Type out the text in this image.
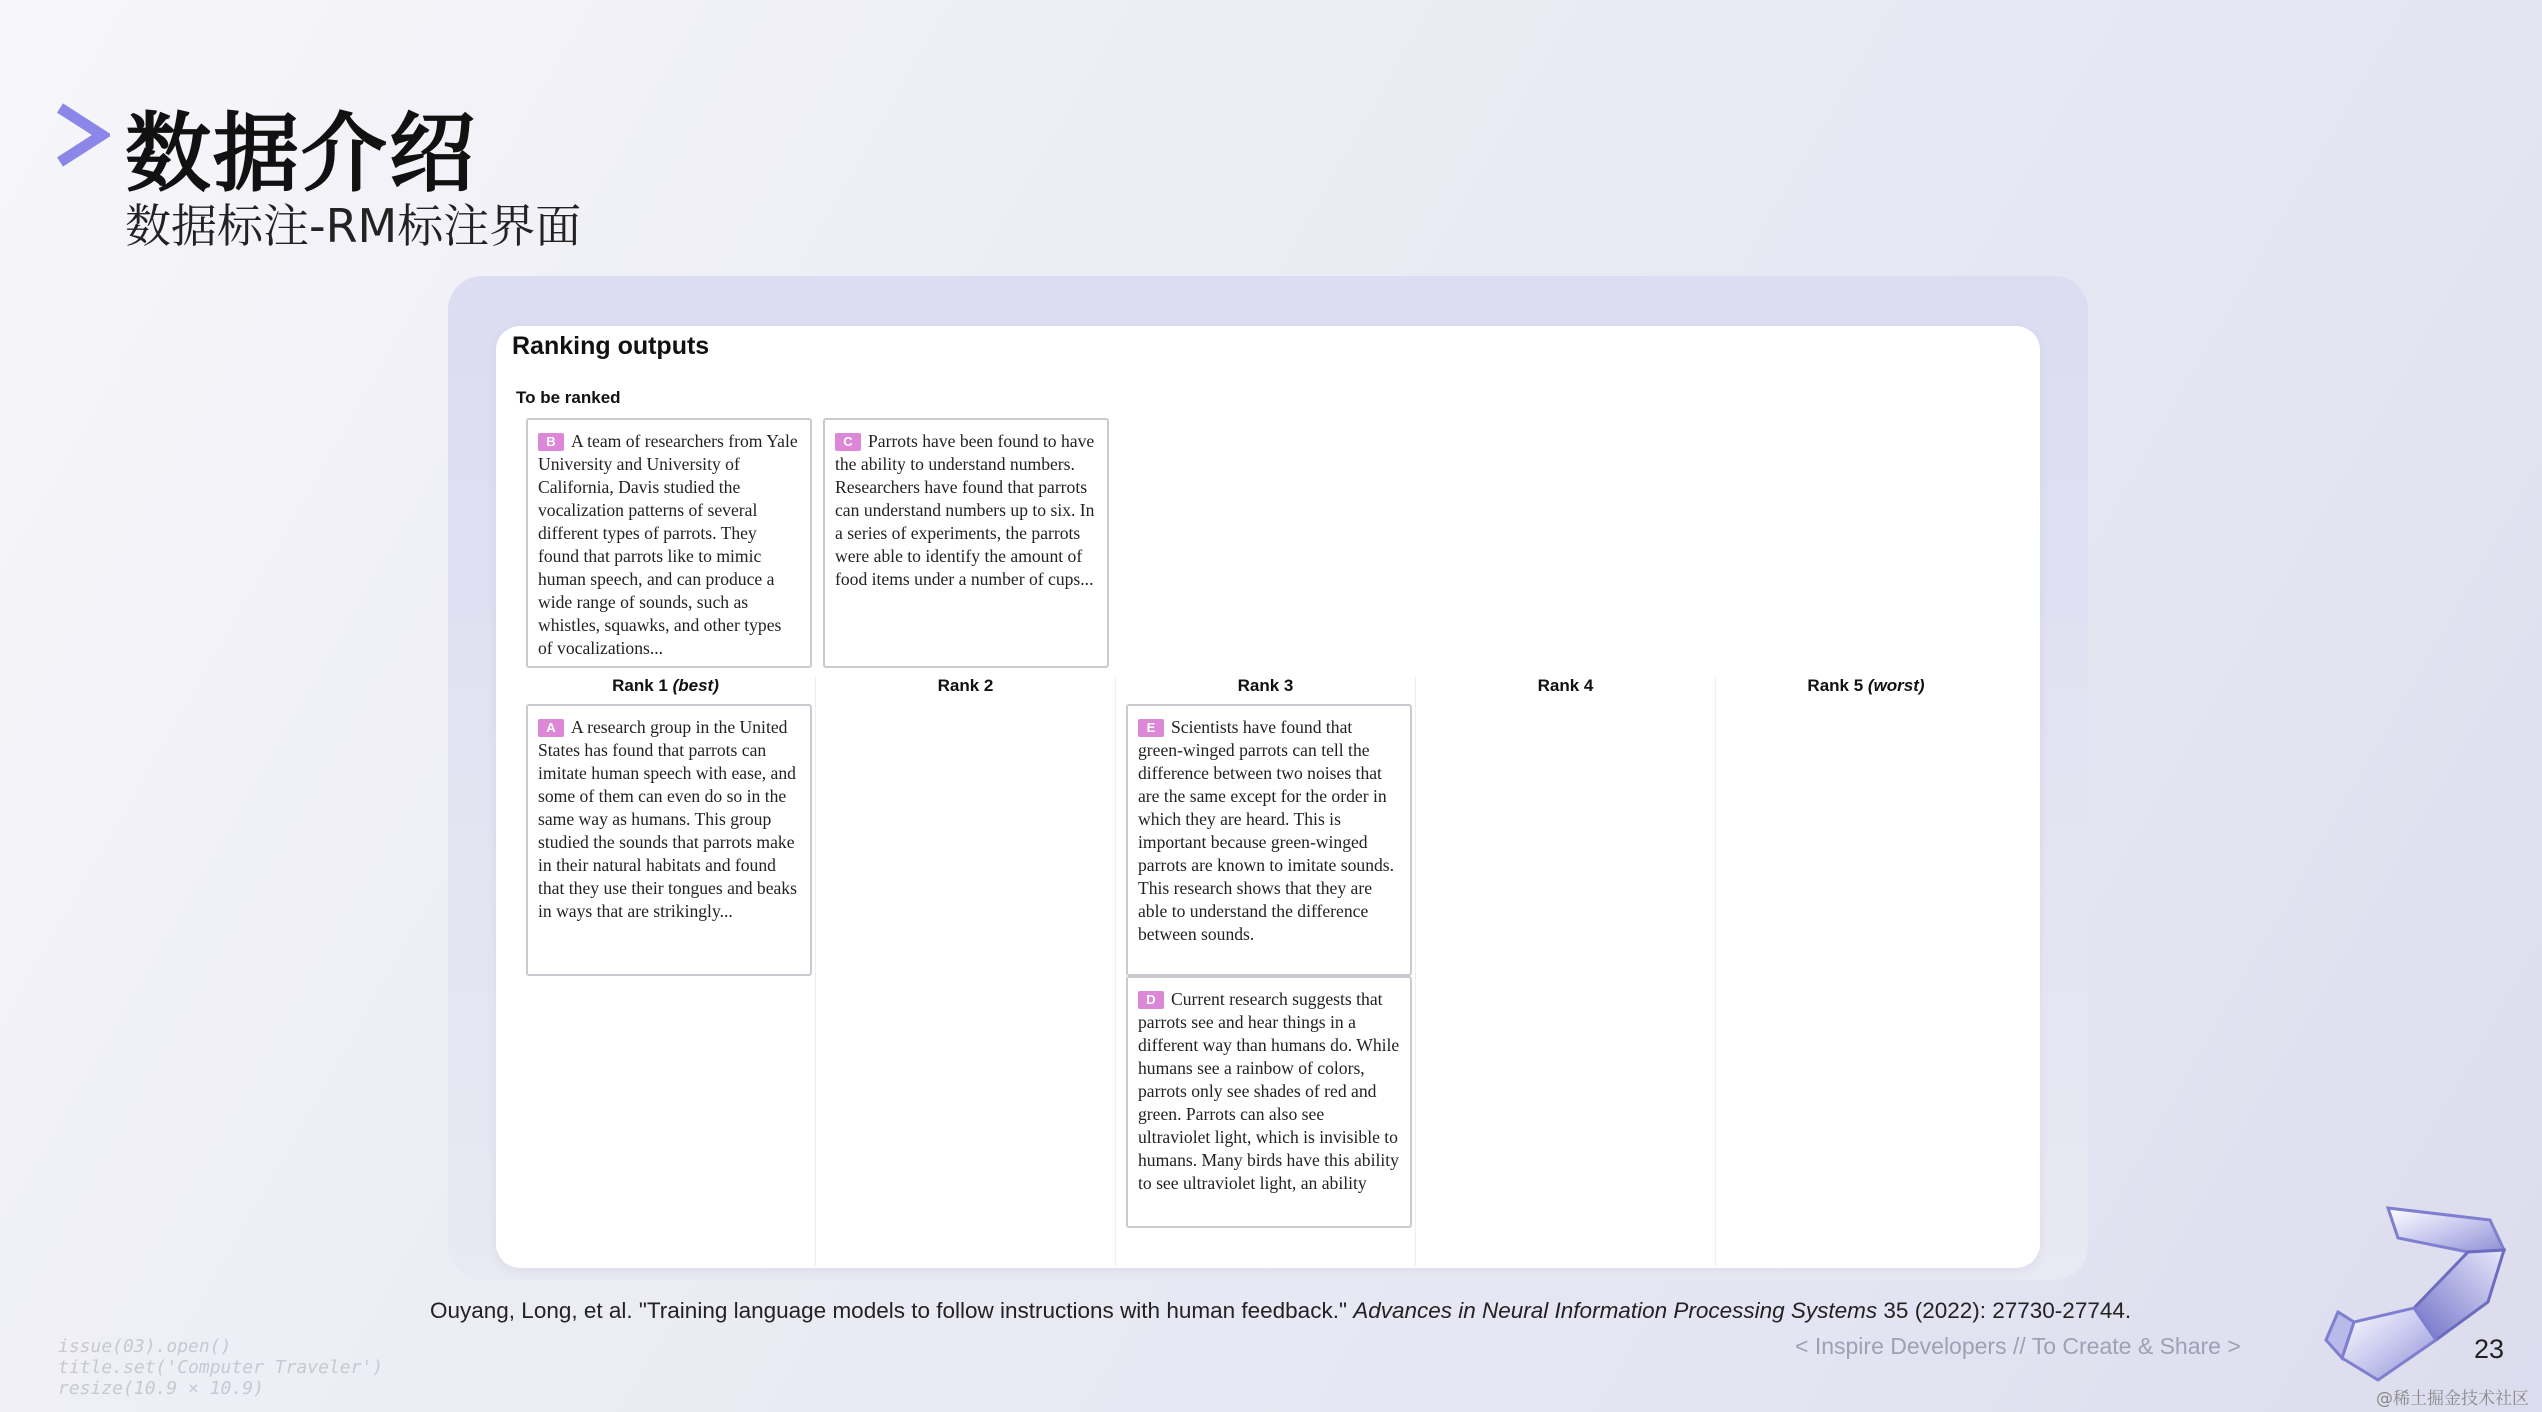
数据介绍
数据标注-RM标注界面
Ranking outputs
To be ranked
B A team of researchers from Yale University and University of California, Davis studied the vocalization patterns of several different types of parrots. They found that parrots like to mimic human speech, and can produce a wide range of sounds, such as whistles, squawks, and other types of vocalizations...
C Parrots have been found to have the ability to understand numbers. Researchers have found that parrots can understand numbers up to six. In a series of experiments, the parrots were able to identify the amount of food items under a number of cups...
Rank 1 (best)
A A research group in the United States has found that parrots can imitate human speech with ease, and some of them can even do so in the same way as humans. This group studied the sounds that parrots make in their natural habitats and found that they use their tongues and beaks in ways that are strikingly...
Rank 2	Rank 3
E Scientists have found that green-winged parrots can tell the difference between two noises that are the same except for the order in which they are heard. This is important because green-winged parrots are known to imitate sounds. This research shows that they are able to understand the difference between sounds.
D Current research suggests that parrots see and hear things in a different way than humans do. While humans see a rainbow of colors, parrots only see shades of red and green. Parrots can also see ultraviolet light, which is invisible to humans. Many birds have this ability to see ultraviolet light, an ability
Rank 4	Rank 5 (worst)
Ouyang, Long, et al. "Training language models to follow instructions with human feedback." Advances in Neural Information Processing Systems 35 (2022): 27730-27744.
< Inspire Developers // To Create & Share >
issue(03).open()
title.set('Computer Traveler')
resize(10.9 × 10.9)
23
@稀土掘金技术社区
